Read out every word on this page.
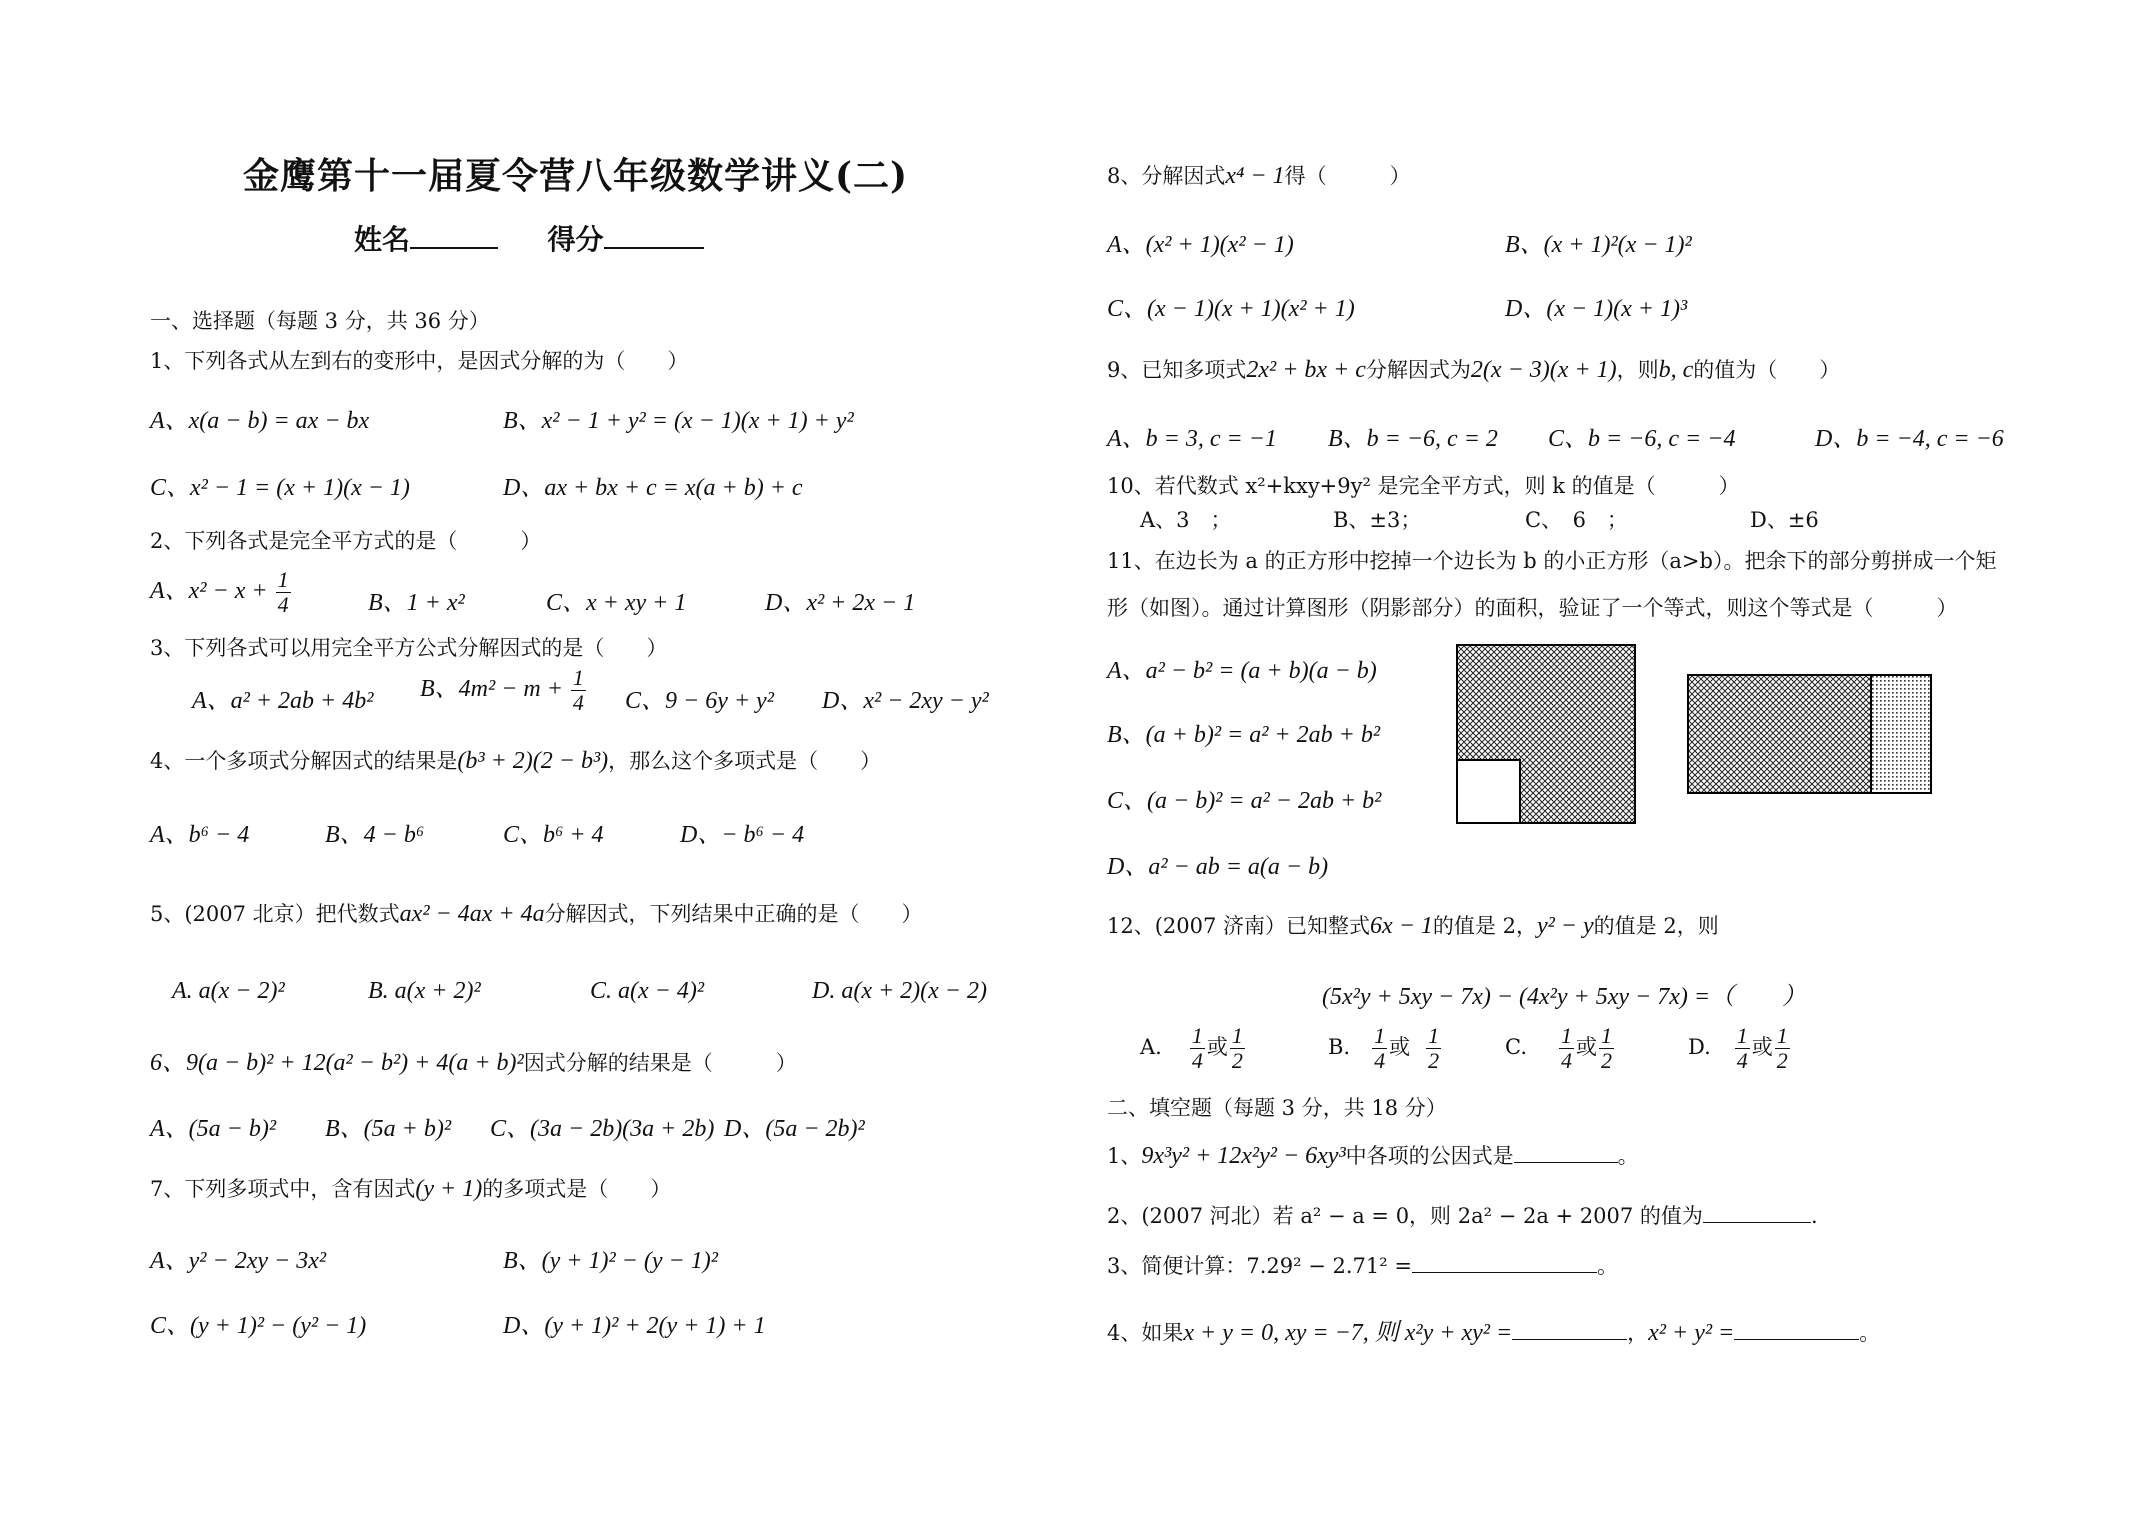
金鹰第十一届夏令营八年级数学讲义(二)
姓名	得分
一、选择题（每题 3 分，共 36 分）
1、下列各式从左到右的变形中，是因式分解的为（　　）
A、x(a − b) = ax − bx	B、x² − 1 + y² = (x − 1)(x + 1) + y²
C、x² − 1 = (x + 1)(x − 1)	D、ax + bx + c = x(a + b) + c
2、下列各式是完全平方式的是（　　　）
A、$x^2 - x + \frac{1}{4}$	B、1 + x²	C、x + xy + 1	D、x² + 2x − 1
3、下列各式可以用完全平方公式分解因式的是（　　）
A、a² + 2ab + 4b² B、$4m^2 - m + \frac{1}{4}$ C、9 − 6y + y² D、x² − 2xy − y²
4、一个多项式分解因式的结果是(b³ + 2)(2 − b³)，那么这个多项式是（　　）
A、b⁶ − 4	B、4 − b⁶	C、b⁶ + 4	D、− b⁶ − 4
5、(2007 北京）把代数式ax² − 4ax + 4a分解因式，下列结果中正确的是（　　）
A. a(x − 2)²	B. a(x + 2)²	C. a(x − 4)²	D. a(x + 2)(x − 2)
6、9(a − b)² + 12(a² − b²) + 4(a + b)²因式分解的结果是（　　　）
A、(5a − b)² B、(5a + b)² C、(3a − 2b)(3a + 2b) D、(5a − 2b)²
7、下列多项式中，含有因式(y + 1)的多项式是（　　）
A、y² − 2xy − 3x²	B、(y + 1)² − (y − 1)²
C、(y + 1)² − (y² − 1)	D、(y + 1)² + 2(y + 1) + 1
8、分解因式x⁴ − 1得（　　　）
A、(x² + 1)(x² − 1)	B、(x + 1)²(x − 1)²
C、(x − 1)(x + 1)(x² + 1)	D、(x − 1)(x + 1)³
9、已知多项式2x² + bx + c分解因式为2(x − 3)(x + 1)，则b, c的值为（　　）
A、b = 3, c = −1 B、b = −6, c = 2 C、b = −6, c = −4	D、b = −4, c = −6
10、若代数式 x²+kxy+9y² 是完全平方式，则 k 的值是（　　　）
A、3　；	B、±3；	C、　6　；	D、±6
11、在边长为 a 的正方形中挖掉一个边长为 b 的小正方形（a>b）。把余下的部分剪拼成一个矩
形（如图）。通过计算图形（阴影部分）的面积，验证了一个等式，则这个等式是（　　　）
A、a² − b² = (a + b)(a − b)
B、(a + b)² = a² + 2ab + b²
C、(a − b)² = a² − 2ab + b²
D、a² − ab = a(a − b)
12、(2007 济南）已知整式6x − 1的值是 2，y² − y的值是 2，则
(5x²y + 5xy − 7x) − (4x²y + 5xy − 7x) =（　　）
A. $\frac{1}{4}$ 或 $\frac{1}{2}$	B. $\frac{1}{4}$ 或 $\frac{1}{2}$	C. $\frac{1}{4}$ 或 $\frac{1}{2}$	D. $\frac{1}{4}$ 或 $\frac{1}{2}$
二、填空题（每题 3 分，共 18 分）
1、9x³y² + 12x²y² − 6xy³中各项的公因式是	。
2、(2007 河北）若 a² − a = 0，则 2a² − 2a + 2007 的值为	.
3、简便计算：7.29² − 2.71² =	。
4、如果x + y = 0, xy = −7, 则 x²y + xy² =	，x² + y² =	。
